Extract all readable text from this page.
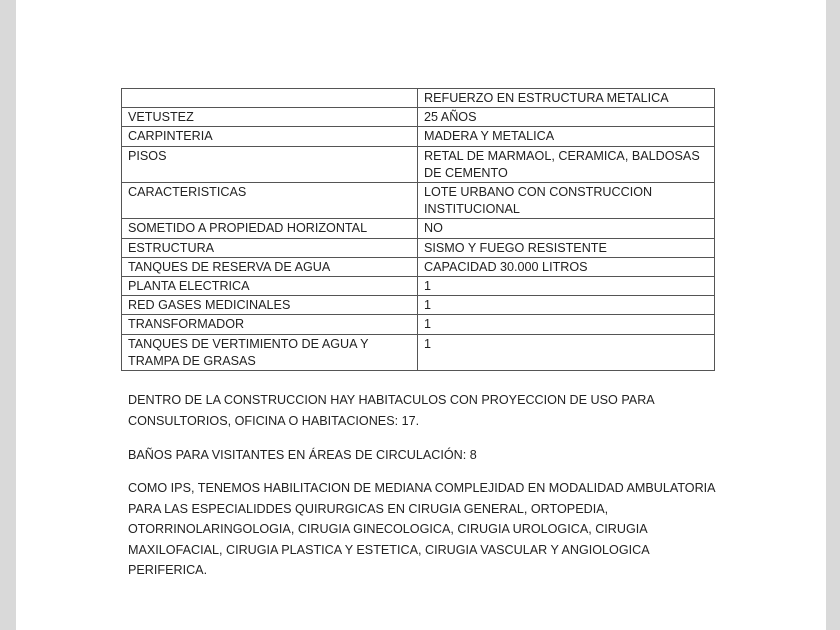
	REFUERZO EN ESTRUCTURA METALICA
VETUSTEZ	25 AÑOS
CARPINTERIA	MADERA Y METALICA
PISOS	RETAL DE MARMAOL, CERAMICA, BALDOSAS DE CEMENTO
CARACTERISTICAS	LOTE URBANO CON CONSTRUCCION INSTITUCIONAL
SOMETIDO A PROPIEDAD HORIZONTAL	NO
ESTRUCTURA	SISMO Y FUEGO RESISTENTE
TANQUES DE RESERVA DE AGUA	CAPACIDAD 30.000 LITROS
PLANTA ELECTRICA	1
RED GASES MEDICINALES	1
TRANSFORMADOR	1
TANQUES DE VERTIMIENTO DE AGUA Y TRAMPA DE GRASAS	1

DENTRO DE LA CONSTRUCCION HAY HABITACULOS CON PROYECCION DE USO PARA CONSULTORIOS, OFICINA O HABITACIONES: 17.

BAÑOS PARA VISITANTES EN ÁREAS DE CIRCULACIÓN: 8

COMO IPS, TENEMOS HABILITACION DE MEDIANA COMPLEJIDAD EN MODALIDAD AMBULATORIA PARA LAS ESPECIALIDDES QUIRURGICAS EN CIRUGIA GENERAL, ORTOPEDIA, OTORRINOLARINGOLOGIA, CIRUGIA GINECOLOGICA, CIRUGIA UROLOGICA, CIRUGIA MAXILOFACIAL, CIRUGIA PLASTICA Y ESTETICA, CIRUGIA VASCULAR Y ANGIOLOGICA PERIFERICA.
